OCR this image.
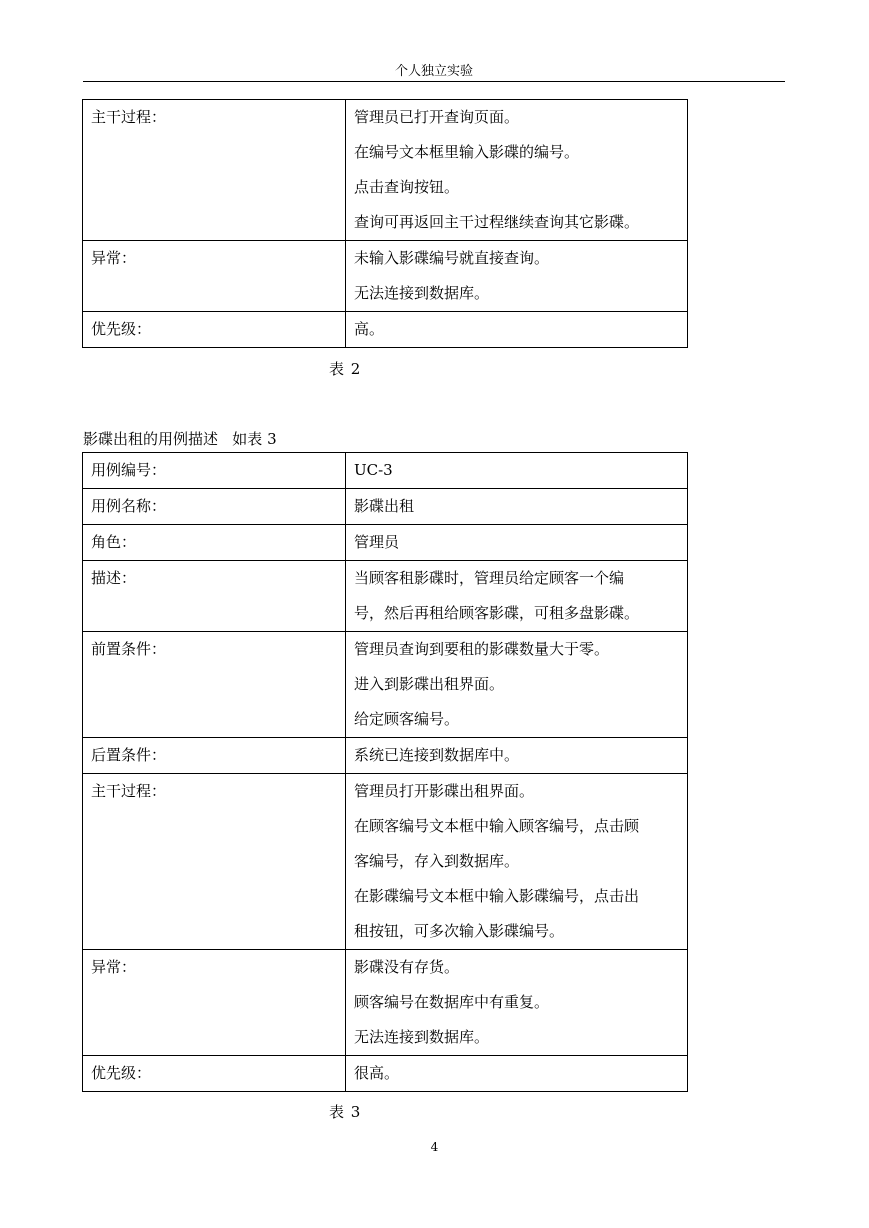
个人独立实验
主干过程：	管理员已打开查询页面。
在编号文本框里输入影碟的编号。
点击查询按钮。
查询可再返回主干过程继续查询其它影碟。

异常：	未输入影碟编号就直接查询。
无法连接到数据库。

优先级：	高。
表 2
影碟出租的用例描述   如表 3
用例编号：	UC-3

用例名称：	影碟出租

角色：	管理员

描述：	当顾客租影碟时，管理员给定顾客一个编
号，然后再租给顾客影碟，可租多盘影碟。

前置条件：	管理员查询到要租的影碟数量大于零。
进入到影碟出租界面。
给定顾客编号。

后置条件：	系统已连接到数据库中。

主干过程：	管理员打开影碟出租界面。
在顾客编号文本框中输入顾客编号，点击顾
客编号，存入到数据库。
在影碟编号文本框中输入影碟编号，点击出
租按钮，可多次输入影碟编号。

异常：	影碟没有存货。
顾客编号在数据库中有重复。
无法连接到数据库。

优先级：	很高。
表 3
4
